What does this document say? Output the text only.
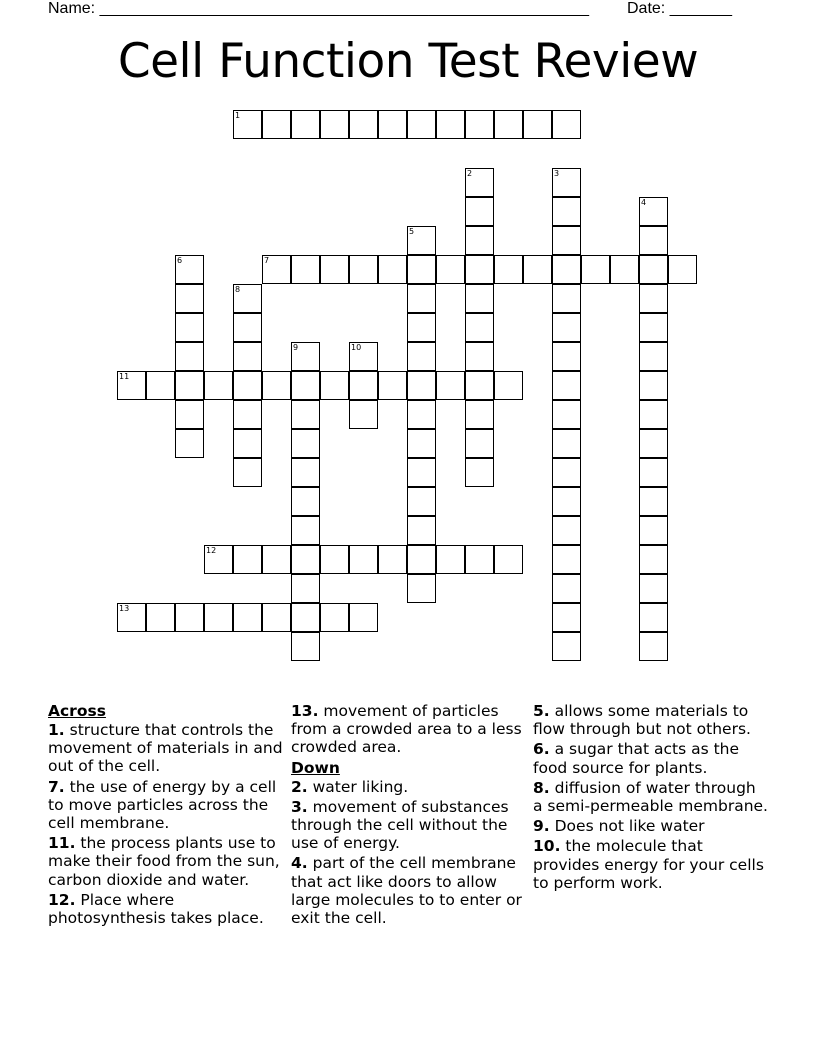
Name: _______________________________________________________ Date: _______
Cell Function Test Review
1
2	3
4
5
6	7
8
9	10
11
12
13
Across

1. structure that controls the movement of materials in and out of the cell.

7. the use of energy by a cell to move particles across the cell membrane.

11. the process plants use to make their food from the sun, carbon dioxide and water.

12. Place where photosynthesis takes place.

13. movement of particles from a crowded area to a less crowded area.

Down

2. water liking.

3. movement of substances through the cell without the use of energy.

4. part of the cell membrane that act like doors to allow large molecules to to enter or exit the cell.

5. allows some materials to flow through but not others.

6. a sugar that acts as the food source for plants.

8. diffusion of water through a semi-permeable membrane.

9. Does not like water

10. the molecule that provides energy for your cells to perform work.
